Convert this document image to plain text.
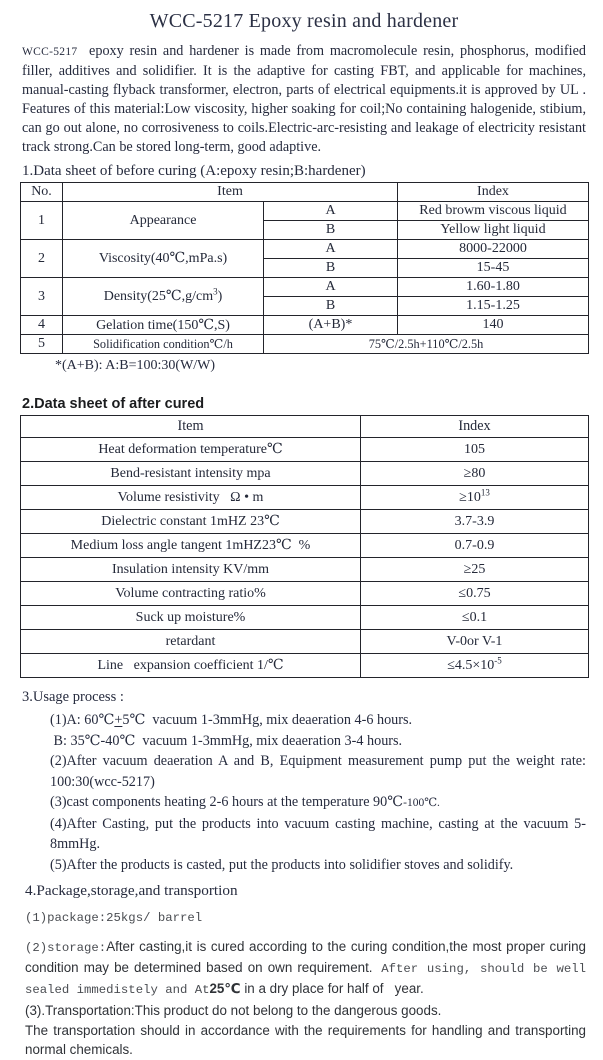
WCC-5217 Epoxy resin and hardener

WCC-5217  epoxy resin and hardener is made from macromolecule resin, phosphorus, modified filler, additives and solidifier. It is the adaptive for casting FBT, and applicable for machines, manual-casting flyback transformer, electron, parts of electrical equipments.it is approved by UL . Features of this material:Low viscosity, higher soaking for coil;No containing halogenide, stibium, can go out alone, no corrosiveness to coils.Electric-arc-resisting and leakage of electricity resistant track strong.Can be stored long-term, good adaptive.

1.Data sheet of before curing (A:epoxy resin;B:hardener)
No.	Item		Index
1	Appearance	A	Red browm viscous liquid
		B	Yellow light liquid
2	Viscosity(40℃,mPa.s)	A	8000-22000
		B	15-45
3	$Density(25℃,g/cm^3)$	A	1.60-1.80
		B	1.15-1.25
4	Gelation time(150℃,S)	(A+B)*	140
5	Solidification condition℃/h	75℃/2.5h+110℃/2.5h	
*(A+B): A:B=100:30(W/W)
2.Data sheet of after cured
Item	Index
Heat deformation temperature℃	105
Bend-resistant intensity mpa	≥80
Volume resistivity   Ω • m	$\ge 10^{13}$
Dielectric constant 1mHZ 23℃	3.7-3.9
Medium loss angle tangent 1mHZ23℃  %	0.7-0.9
Insulation intensity KV/mm	≥25
Volume contracting ratio%	≤0.75
Suck up moisture%	≤0.1
retardant	V-0or V-1
Line   expansion coefficient 1/℃	$\le 4.5\times 10^{-5}$
3.Usage process :

(1)A: 60℃+5℃  vacuum 1-3mmHg, mix deaeration 4-6 hours.

B: 35℃-40℃  vacuum 1-3mmHg, mix deaeration 3-4 hours.

(2)After vacuum deaeration A and B, Equipment measurement pump put the weight rate: 100:30(wcc-5217)

(3)cast components heating 2-6 hours at the temperature 90℃-100℃.

(4)After Casting, put the products into vacuum casting machine, casting at the vacuum 5-8mmHg.

(5)After the products is casted, put the products into solidifier stoves and solidify.

4.Package,storage,and transportion
(1)package:25kgs/ barrel

(2)storage:After casting,it is cured according to the curing condition,the most proper curing condition may be determined based on own requirement. After using, should be well sealed immedistely and At25℃ in a dry place for half of   year.

(3).Transportation:This product do not belong to the dangerous goods.

The transportation should in accordance with the requirements for handling and transporting normal chemicals.
